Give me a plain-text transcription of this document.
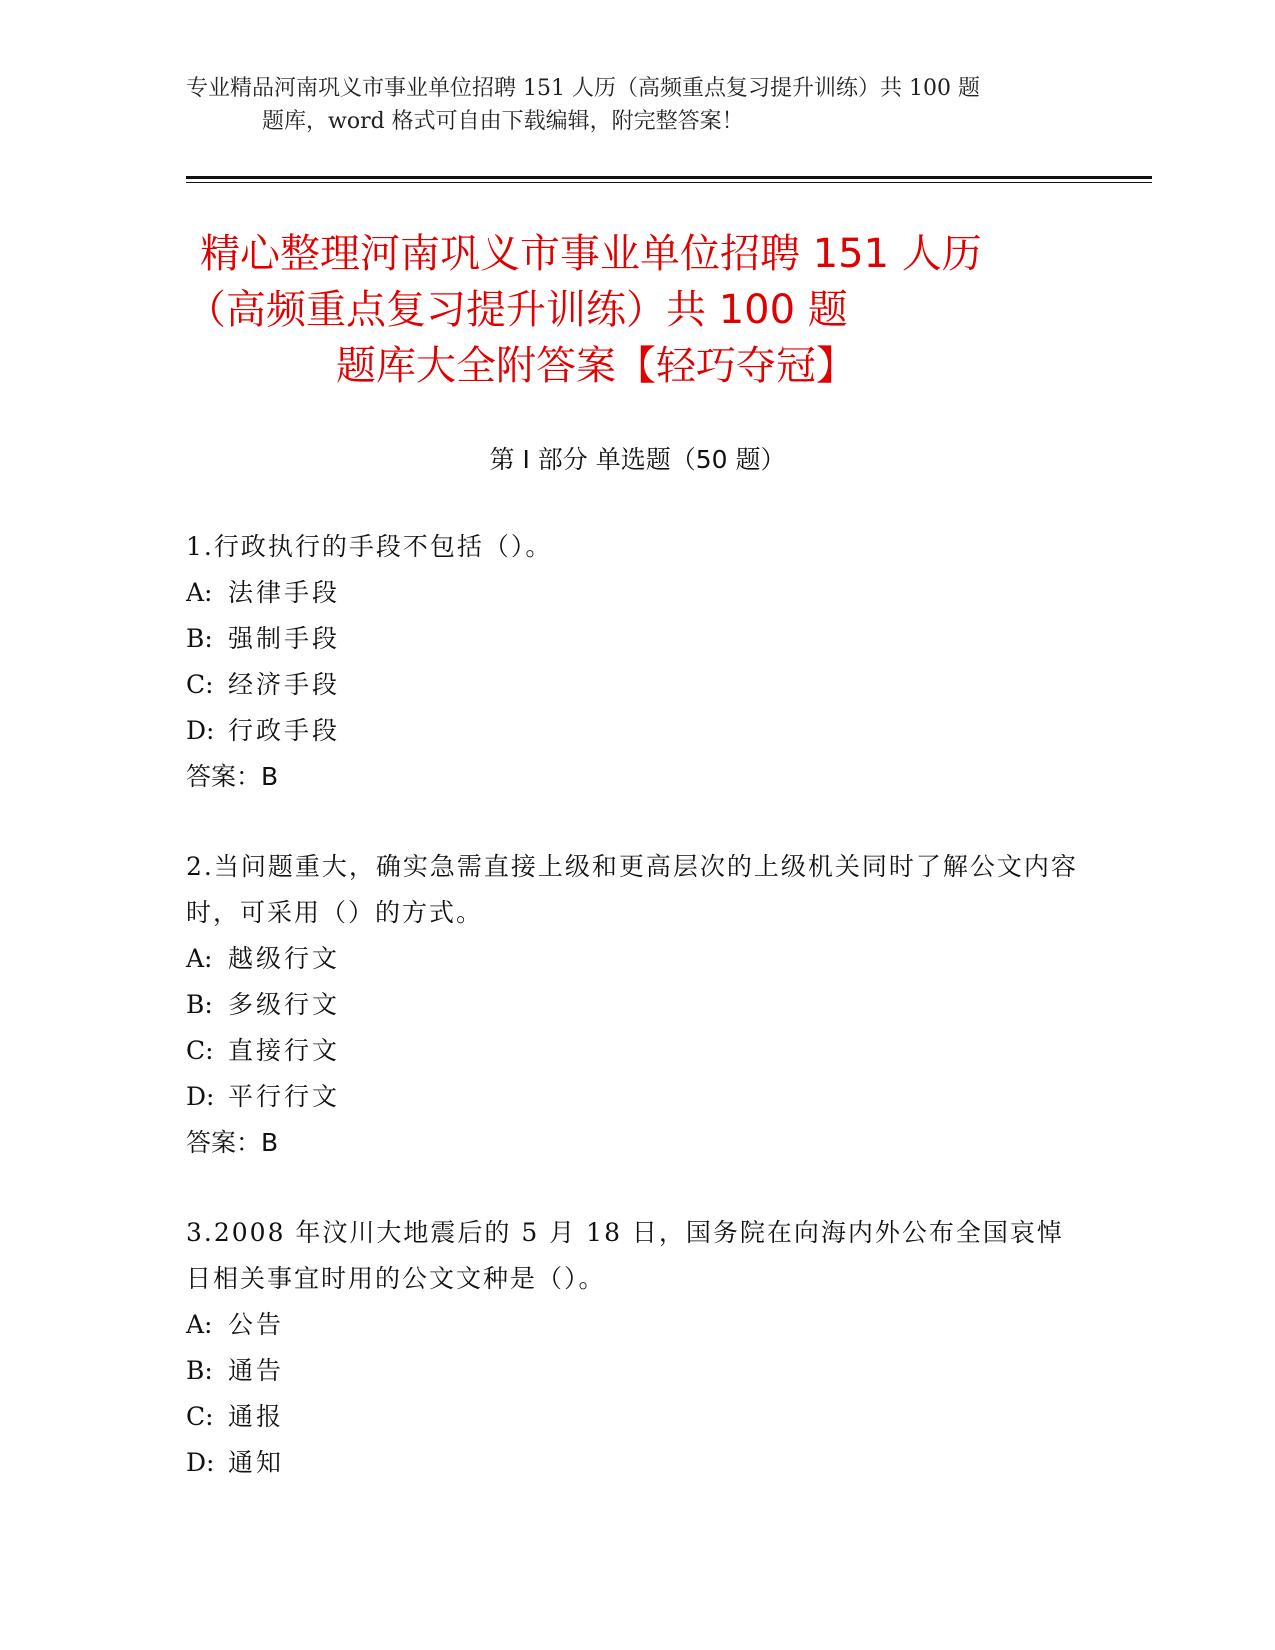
专业精品河南巩义市事业单位招聘 151 人历（高频重点复习提升训练）共 100 题
题库，word 格式可自由下载编辑，附完整答案！
精心整理河南巩义市事业单位招聘 151 人历
（高频重点复习提升训练）共 100 题
题库大全附答案【轻巧夺冠】
第 I 部分 单选题（50 题）
1.行政执行的手段不包括（）。
A: 法律手段
B: 强制手段
C: 经济手段
D: 行政手段
答案：B
2.当问题重大，确实急需直接上级和更高层次的上级机关同时了解公文内容时，可采用（）的方式。
A: 越级行文
B: 多级行文
C: 直接行文
D: 平行行文
答案：B
3.2008 年汶川大地震后的 5 月 18 日，国务院在向海内外公布全国哀悼日相关事宜时用的公文文种是（）。
A: 公告
B: 通告
C: 通报
D: 通知
